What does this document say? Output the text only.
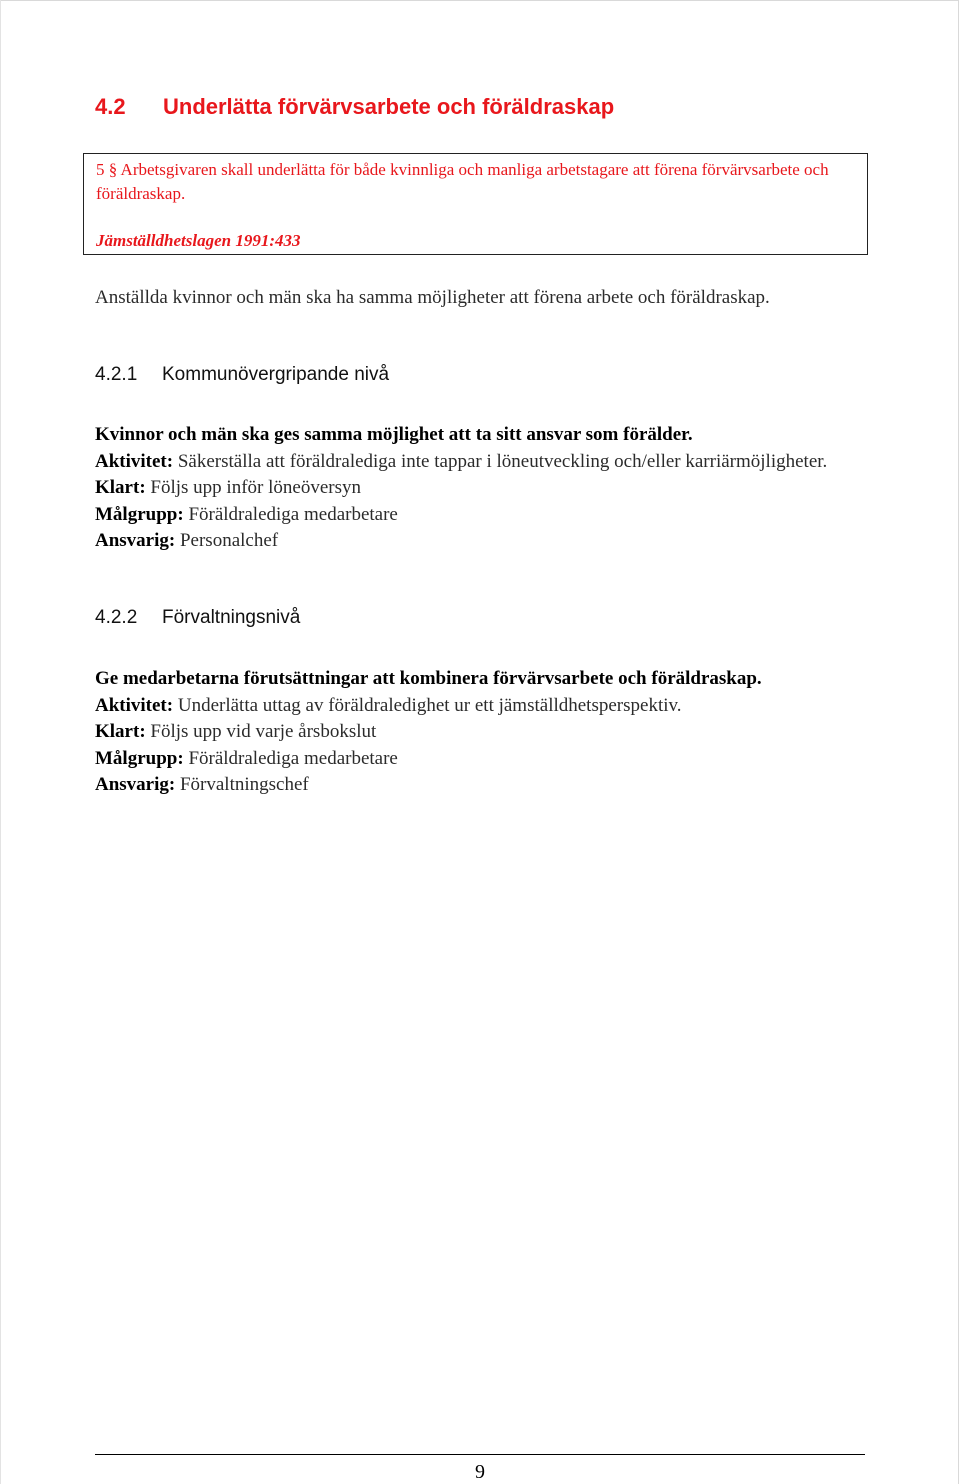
4.2 Underlätta förvärvsarbete och föräldraskap
5 § Arbetsgivaren skall underlätta för både kvinnliga och manliga arbetstagare att förena förvärvsarbete och föräldraskap.
Jämställdhetslagen 1991:433
Anställda kvinnor och män ska ha samma möjligheter att förena arbete och föräldraskap.
4.2.1 Kommunövergripande nivå
Kvinnor och män ska ges samma möjlighet att ta sitt ansvar som förälder.
Aktivitet: Säkerställa att föräldralediga inte tappar i löneutveckling och/eller karriärmöjligheter.
Klart: Följs upp inför löneöversyn
Målgrupp: Föräldralediga medarbetare
Ansvarig: Personalchef
4.2.2 Förvaltningsnivå
Ge medarbetarna förutsättningar att kombinera förvärvsarbete och föräldraskap.
Aktivitet: Underlätta uttag av föräldraledighet ur ett jämställdhetsperspektiv.
Klart: Följs upp vid varje årsbokslut
Målgrupp: Föräldralediga medarbetare
Ansvarig: Förvaltningschef
9
